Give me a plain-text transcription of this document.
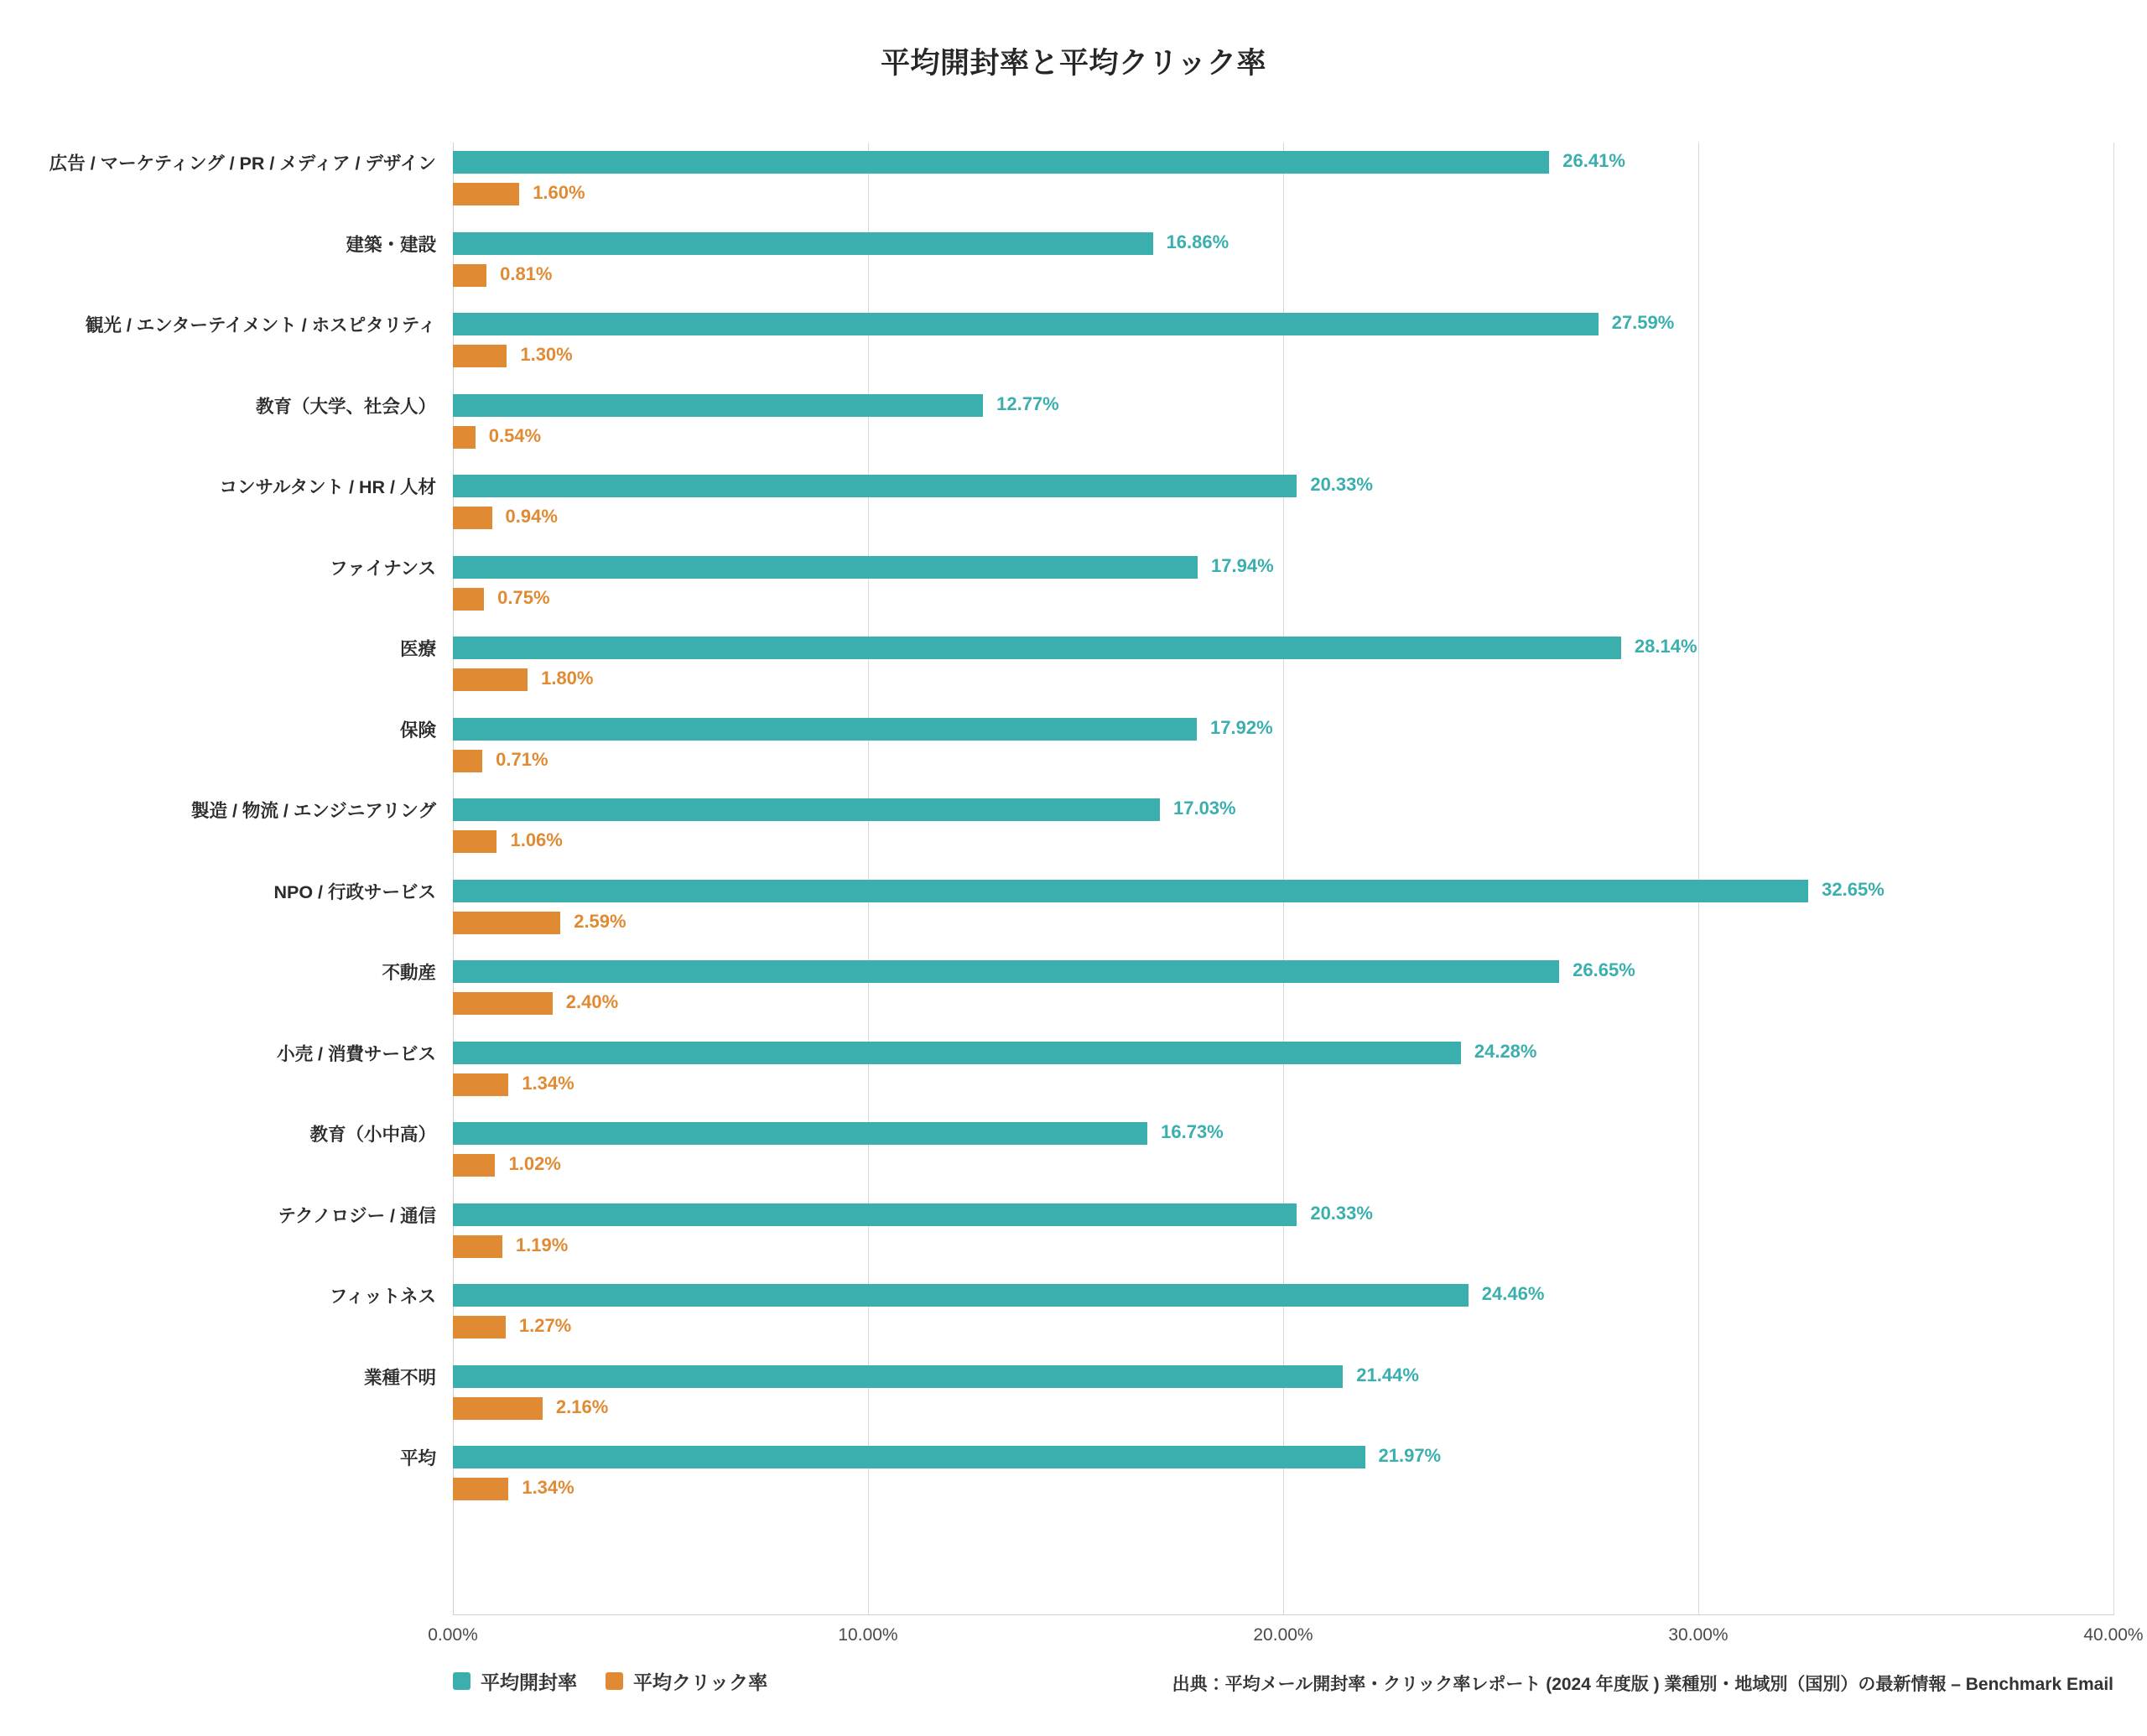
平均開封率と平均クリック率
広告 / マーケティング / PR / メディア / デザイン	26.41%
1.60%
建築・建設	16.86%
0.81%
観光 / エンターテイメント / ホスピタリティ	27.59%
1.30%
教育（大学、社会人）	12.77%
0.54%
コンサルタント / HR / 人材	20.33%
0.94%
ファイナンス	17.94%
0.75%
医療	28.14%
1.80%
保険	17.92%
0.71%
製造 / 物流 / エンジニアリング	17.03%
1.06%
NPO / 行政サービス	32.65%
2.59%
不動産	26.65%
2.40%
小売 / 消費サービス	24.28%
1.34%
教育（小中高）	16.73%
1.02%
テクノロジー / 通信	20.33%
1.19%
フィットネス	24.46%
1.27%
業種不明	21.44%
2.16%
平均	21.97%
1.34%
0.00%	10.00%	20.00%	30.00%	40.00%
平均開封率	平均クリック率	出典：平均メール開封率・クリック率レポート (2024 年度版 ) 業種別・地域別（国別）の最新情報 – Benchmark Email
